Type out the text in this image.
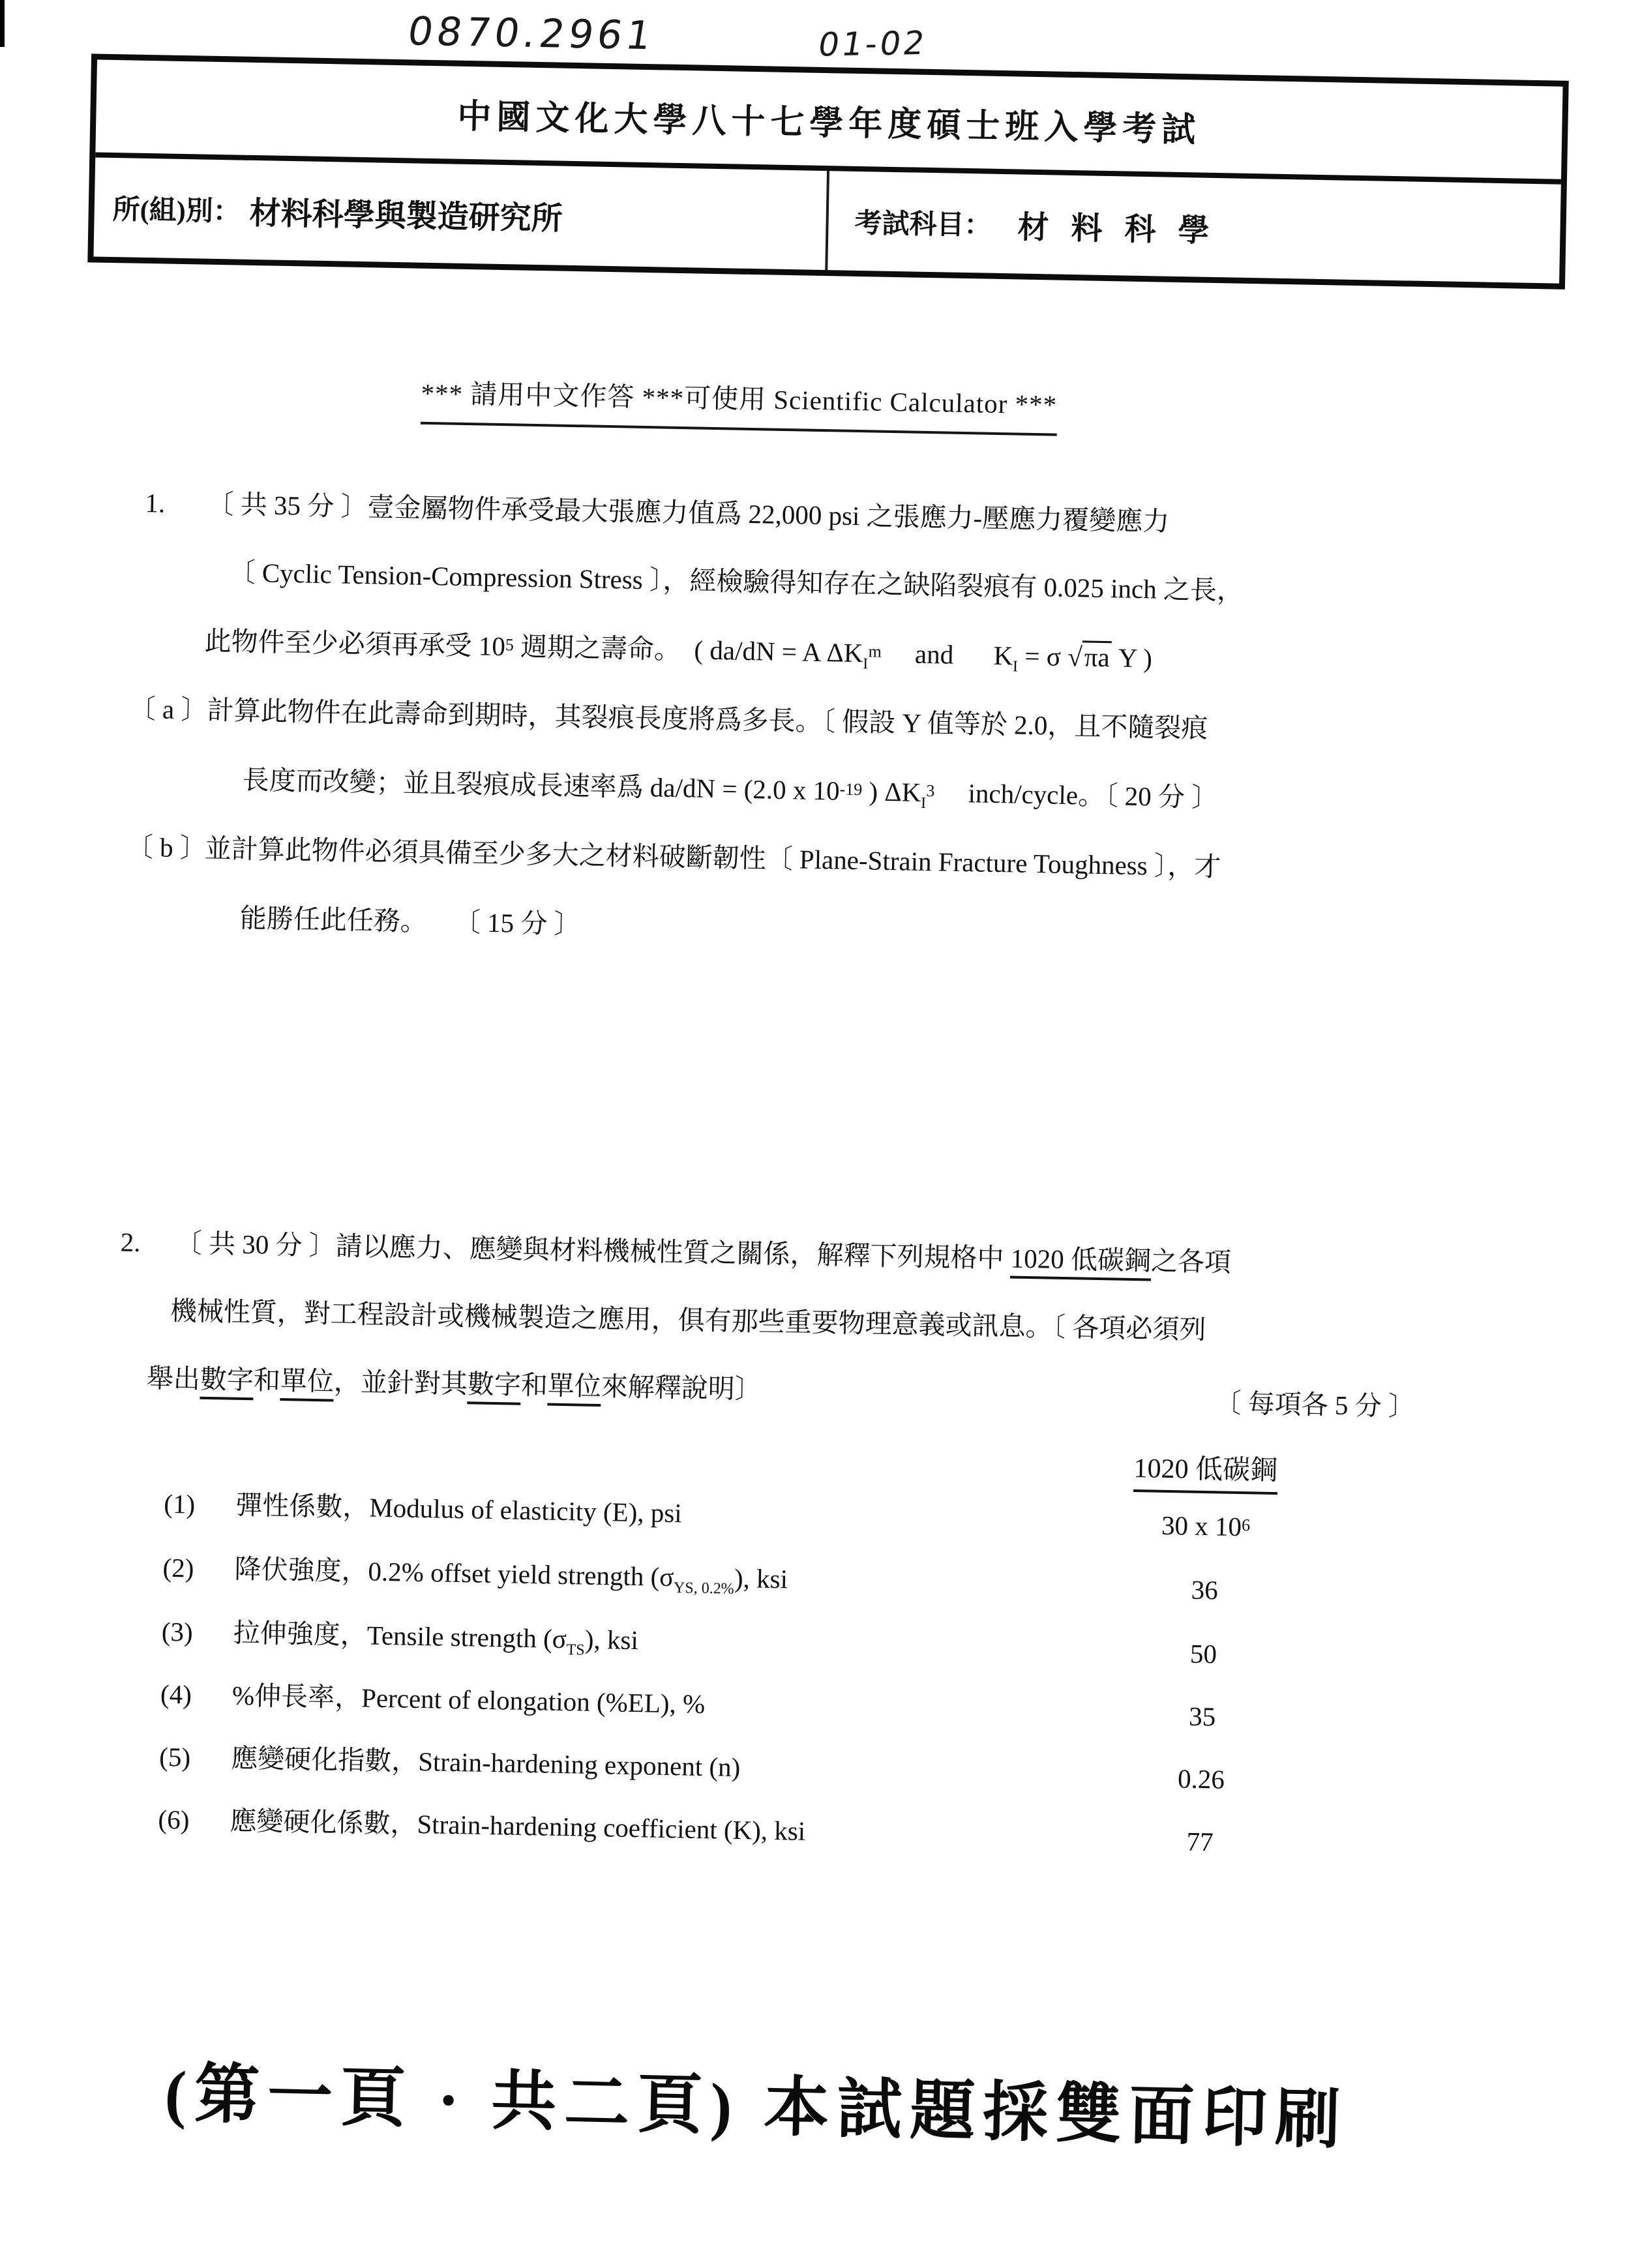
0870.2961	01-02
中國文化大學八十七學年度碩士班入學考試
所(組)別： 材料科學與製造研究所	考試科目： 材料科學
*** 請用中文作答 ***可使用 Scientific Calculator ***
1. 〔 共 35 分 〕壹金屬物件承受最大張應力值爲 22,000 psi 之張應力-壓應力覆變應力
〔 Cyclic Tension-Compression Stress 〕，經檢驗得知存在之缺陷裂痕有 0.025 inch 之長，
此物件至少必須再承受 $10^5$ 週期之壽命。　( da/dN = A $\Delta K_I^m$　 and 　 $K_I = \sigma$ √πa Y )
〔 a 〕
計算此物件在此壽命到期時，其裂痕長度將爲多長。〔 假設 Y 值等於 2.0，且不隨裂痕
長度而改變；並且裂痕成長速率爲 da/dN = (2.0 x $10^{-19}$ ) $\Delta K_I^3$　 inch/cycle。〔 20 分 〕
〔 b 〕
並計算此物件必須具備至少多大之材料破斷韌性〔 Plane-Strain Fracture Toughness 〕，才
能勝任此任務。　　〔 15 分 〕
2. 〔 共 30 分 〕請以應力、應變與材料機械性質之關係，解釋下列規格中 1020 低碳鋼之各項
機械性質，對工程設計或機械製造之應用，俱有那些重要物理意義或訊息。〔 各項必須列
舉出數字和單位，並針對其數字和單位來解釋說明〕	〔 每項各 5 分 〕
1020 低碳鋼
(1) 彈性係數，Modulus of elasticity (E), psi	30 x $10^6$
(2) 降伏強度，0.2% offset yield strength $(\sigma_{YS, 0.2\%})$, ksi	36
(3) 拉伸強度，Tensile strength $(\sigma_{TS})$, ksi	50
(4) %伸長率，Percent of elongation (%EL), %	35
(5) 應變硬化指數，Strain-hardening exponent (n)	0.26
(6) 應變硬化係數，Strain-hardening coefficient (K), ksi	77
(第一頁 · 共二頁) 本試題採雙面印刷
